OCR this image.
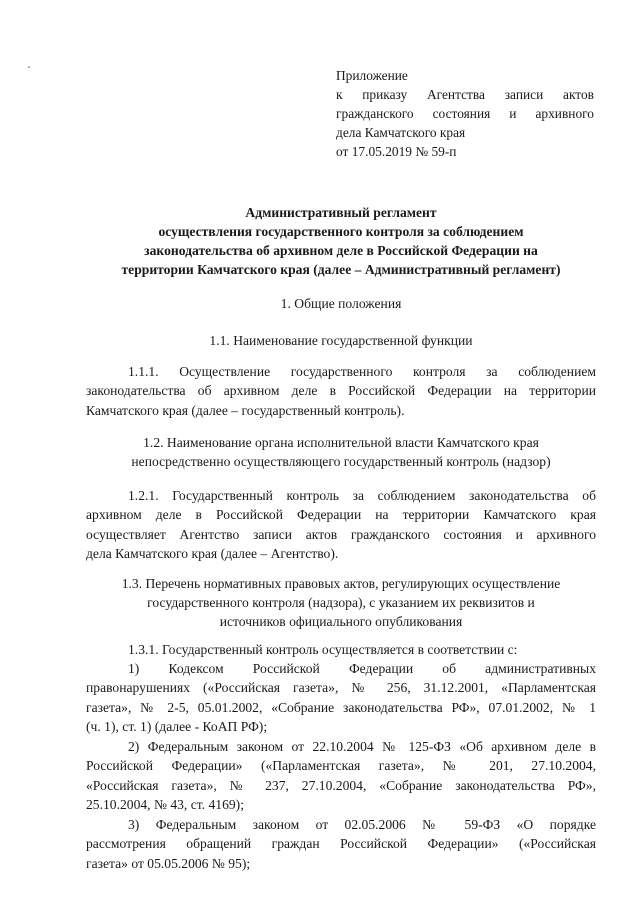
Приложение
к приказу Агентства записи актов
гражданского состояния и архивного
дела Камчатского края
от 17.05.2019 № 59-п
Административный регламент
осуществления государственного контроля за соблюдением
законодательства об архивном деле в Российской Федерации на
территории Камчатского края (далее – Административный регламент)
1. Общие положения
1.1. Наименование государственной функции
1.1.1. Осуществление государственного контроля за соблюдением
законодательства об архивном деле в Российской Федерации на территории
Камчатского края (далее – государственный контроль).
1.2. Наименование органа исполнительной власти Камчатского края
непосредственно осуществляющего государственный контроль (надзор)
1.2.1. Государственный контроль за соблюдением законодательства об
архивном деле в Российской Федерации на территории Камчатского края
осуществляет Агентство записи актов гражданского состояния и архивного
дела Камчатского края (далее – Агентство).
1.3. Перечень нормативных правовых актов, регулирующих осуществление
государственного контроля (надзора), с указанием их реквизитов и
источников официального опубликования
1.3.1. Государственный контроль осуществляется в соответствии с:
1) Кодексом Российской Федерации об административных
правонарушениях («Российская газета», № 256, 31.12.2001, «Парламентская
газета», № 2-5, 05.01.2002, «Собрание законодательства РФ», 07.01.2002, № 1
(ч. 1), ст. 1) (далее - КоАП РФ);
2) Федеральным законом от 22.10.2004 № 125-ФЗ «Об архивном деле в
Российской Федерации» («Парламентская газета», № 201, 27.10.2004,
«Российская газета», № 237, 27.10.2004, «Собрание законодательства РФ»,
25.10.2004, № 43, ст. 4169);
3) Федеральным законом от 02.05.2006 № 59-ФЗ «О порядке
рассмотрения обращений граждан Российской Федерации» («Российская
газета» от 05.05.2006 № 95);
